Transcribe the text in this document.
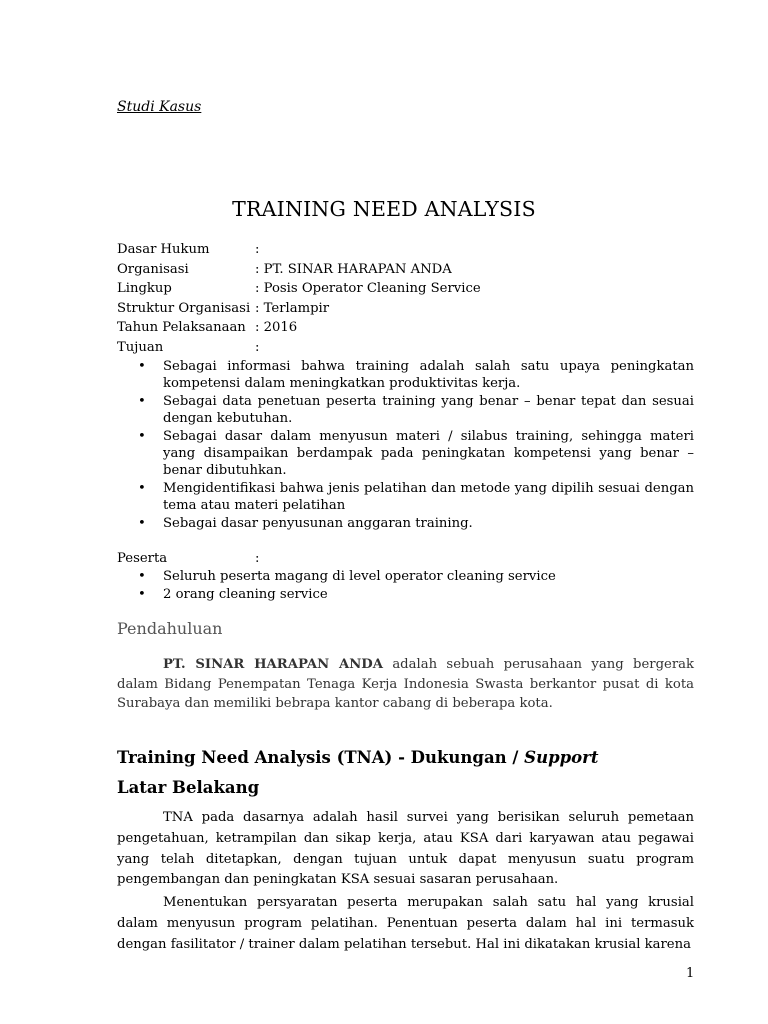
Studi Kasus
TRAINING NEED ANALYSIS
Dasar Hukum	:
Organisasi	: PT. SINAR HARAPAN ANDA
Lingkup	: Posis Operator Cleaning Service
Struktur Organisasi : Terlampir
Tahun Pelaksanaan : 2016
Tujuan	:
• Sebagai informasi bahwa training adalah salah satu upaya peningkatan kompetensi dalam meningkatkan produktivitas kerja.
• Sebagai data penetuan peserta training yang benar – benar tepat dan sesuai dengan kebutuhan.
• Sebagai dasar dalam menyusun materi / silabus training, sehingga materi yang disampaikan berdampak pada peningkatan kompetensi yang benar – benar dibutuhkan.
• Mengidentifikasi bahwa jenis pelatihan dan metode yang dipilih sesuai dengan tema atau materi pelatihan
• Sebagai dasar penyusunan anggaran training.
Peserta	:
• Seluruh peserta magang di level operator cleaning service
• 2 orang cleaning service
Pendahuluan

PT. SINAR HARAPAN ANDA adalah sebuah perusahaan yang bergerak dalam Bidang Penempatan Tenaga Kerja Indonesia Swasta berkantor pusat di kota Surabaya dan memiliki bebrapa kantor cabang di beberapa kota.

Training Need Analysis (TNA) - Dukungan / Support
Latar Belakang

TNA pada dasarnya adalah hasil survei yang berisikan seluruh pemetaan pengetahuan, ketrampilan dan sikap kerja, atau KSA dari karyawan atau pegawai yang telah ditetapkan, dengan tujuan untuk dapat menyusun suatu program pengembangan dan peningkatan KSA sesuai sasaran perusahaan.

Menentukan persyaratan peserta merupakan salah satu hal yang krusial dalam menyusun program pelatihan. Penentuan peserta dalam hal ini termasuk dengan fasilitator / trainer dalam pelatihan tersebut. Hal ini dikatakan krusial karena

1
